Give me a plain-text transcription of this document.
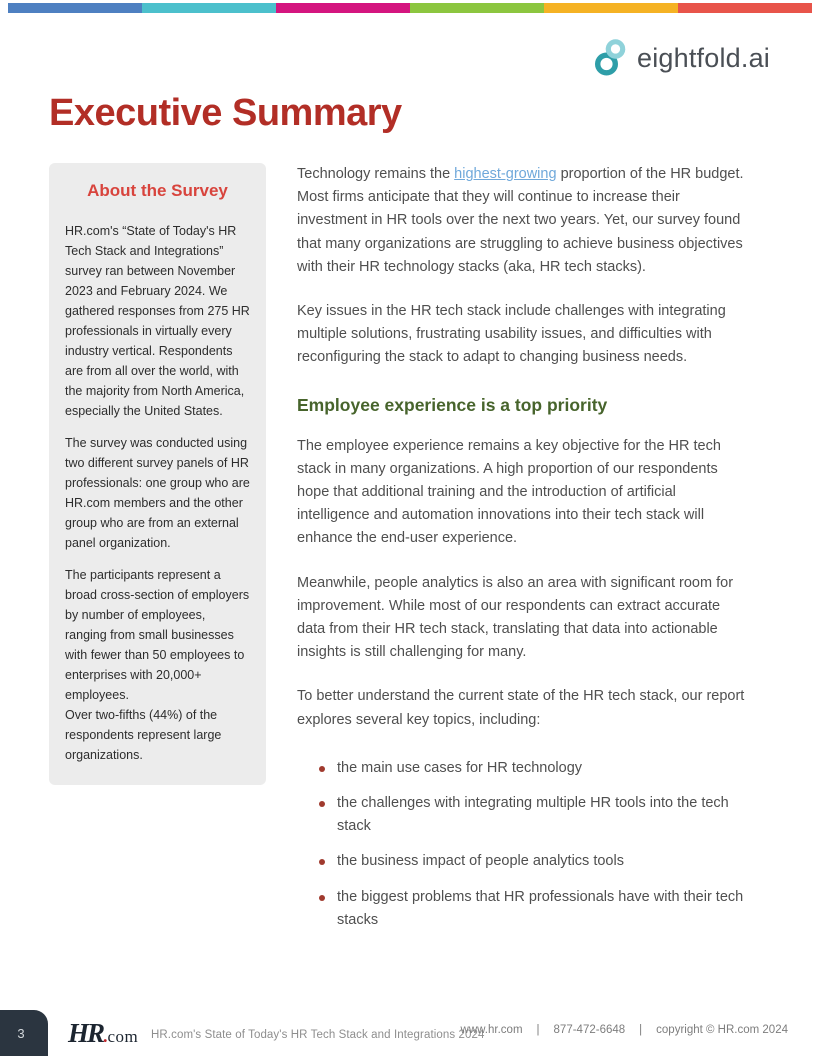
eightfold.ai
Executive Summary
About the Survey

HR.com's “State of Today's HR Tech Stack and Integrations” survey ran between November 2023 and February 2024. We gathered responses from 275 HR professionals in virtually every industry vertical. Respondents are from all over the world, with the majority from North America, especially the United States.

The survey was conducted using two different survey panels of HR professionals: one group who are HR.com members and the other group who are from an external panel organization.

The participants represent a broad cross-section of employers by number of employees, ranging from small businesses with fewer than 50 employees to enterprises with 20,000+ employees.

Over two-fifths (44%) of the respondents represent large organizations.

Technology remains the highest-growing proportion of the HR budget. Most firms anticipate that they will continue to increase their investment in HR tools over the next two years. Yet, our survey found that many organizations are struggling to achieve business objectives with their HR technology stacks (aka, HR tech stacks).

Key issues in the HR tech stack include challenges with integrating multiple solutions, frustrating usability issues, and difficulties with reconfiguring the stack to adapt to changing business needs.

Employee experience is a top priority

The employee experience remains a key objective for the HR tech stack in many organizations. A high proportion of our respondents hope that additional training and the introduction of artificial intelligence and automation innovations into their tech stack will enhance the end-user experience.

Meanwhile, people analytics is also an area with significant room for improvement. While most of our respondents can extract accurate data from their HR tech stack, translating that data into actionable insights is still challenging for many.

To better understand the current state of the HR tech stack, our report explores several key topics, including:

the main use cases for HR technology
the challenges with integrating multiple HR tools into the tech stack
the business impact of people analytics tools
the biggest problems that HR professionals have with their tech stacks
3 HR.com HR.com's State of Today's HR Tech Stack and Integrations 2024
www.hr.com | 877-472-6648 | copyright © HR.com 2024
